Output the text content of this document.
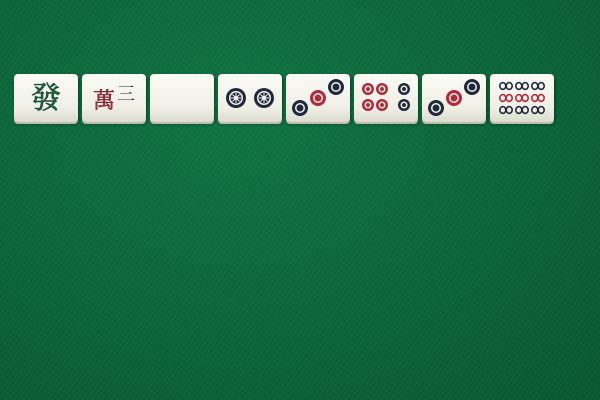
發 萬 三
